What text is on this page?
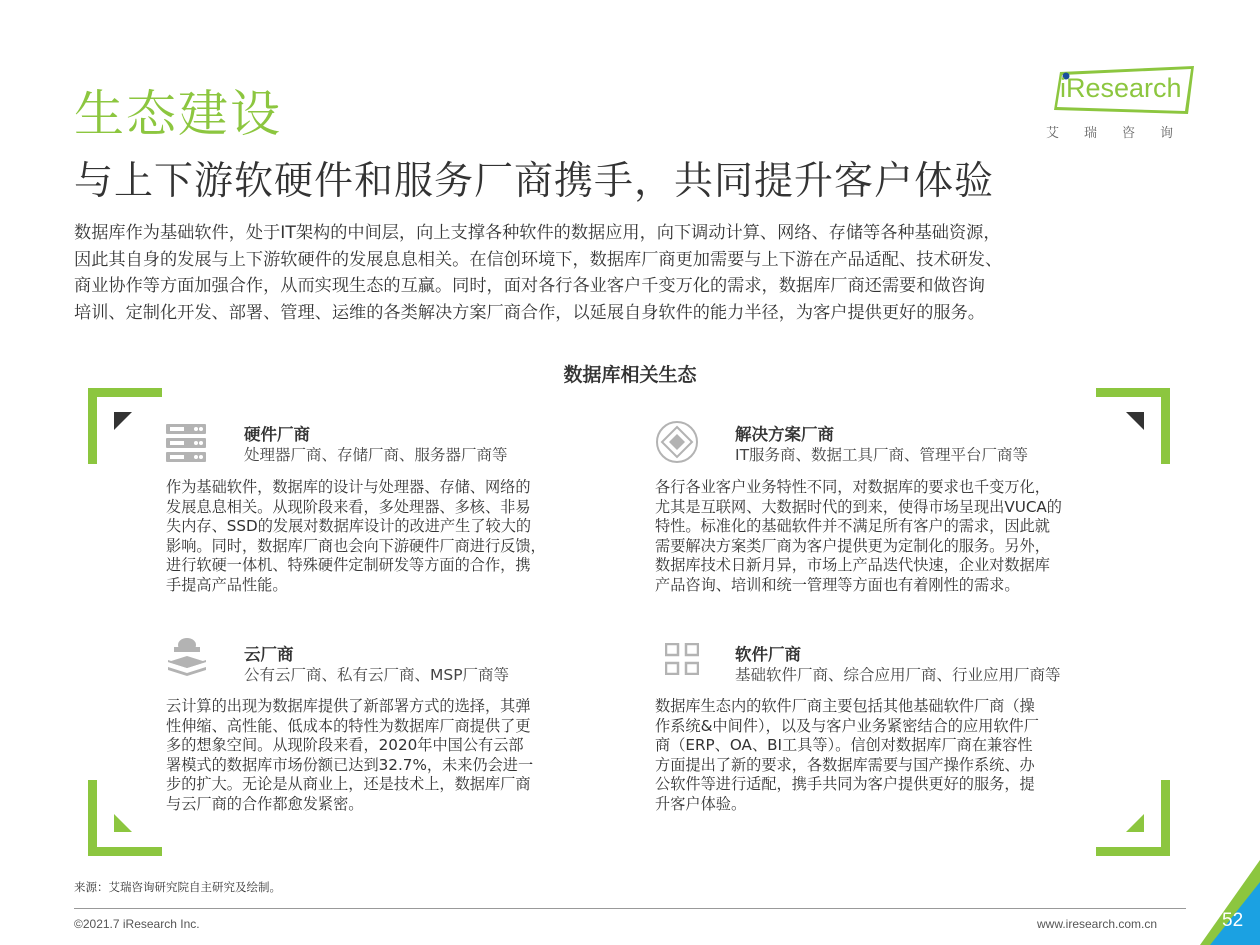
生态建设
与上下游软硬件和服务厂商携手，共同提升客户体验
iResearch
艾瑞咨询

数据库作为基础软件，处于IT架构的中间层，向上支撑各种软件的数据应用，向下调动计算、网络、存储等各种基础资源，

因此其自身的发展与上下游软硬件的发展息息相关。在信创环境下，数据库厂商更加需要与上下游在产品适配、技术研发、

商业协作等方面加强合作，从而实现生态的互赢。同时，面对各行各业客户千变万化的需求，数据库厂商还需要和做咨询

培训、定制化开发、部署、管理、运维的各类解决方案厂商合作，以延展自身软件的能力半径，为客户提供更好的服务。

数据库相关生态
硬件厂商
处理器厂商、存储厂商、服务器厂商等

作为基础软件，数据库的设计与处理器、存储、网络的

发展息息相关。从现阶段来看，多处理器、多核、非易

失内存、SSD的发展对数据库设计的改进产生了较大的

影响。同时，数据库厂商也会向下游硬件厂商进行反馈，

进行软硬一体机、特殊硬件定制研发等方面的合作，携

手提高产品性能。

解决方案厂商
IT服务商、数据工具厂商、管理平台厂商等

各行各业客户业务特性不同，对数据库的要求也千变万化，

尤其是互联网、大数据时代的到来，使得市场呈现出VUCA的

特性。标准化的基础软件并不满足所有客户的需求，因此就

需要解决方案类厂商为客户提供更为定制化的服务。另外，

数据库技术日新月异，市场上产品迭代快速，企业对数据库

产品咨询、培训和统一管理等方面也有着刚性的需求。

云厂商
公有云厂商、私有云厂商、MSP厂商等

云计算的出现为数据库提供了新部署方式的选择，其弹

性伸缩、高性能、低成本的特性为数据库厂商提供了更

多的想象空间。从现阶段来看，2020年中国公有云部

署模式的数据库市场份额已达到32.7%，未来仍会进一

步的扩大。无论是从商业上，还是技术上，数据库厂商

与云厂商的合作都愈发紧密。

软件厂商
基础软件厂商、综合应用厂商、行业应用厂商等

数据库生态内的软件厂商主要包括其他基础软件厂商（操

作系统&中间件），以及与客户业务紧密结合的应用软件厂

商（ERP、OA、BI工具等）。信创对数据库厂商在兼容性

方面提出了新的要求，各数据库需要与国产操作系统、办

公软件等进行适配，携手共同为客户提供更好的服务，提

升客户体验。

来源：艾瑞咨询研究院自主研究及绘制。
©2021.7 iResearch Inc.	www.iresearch.com.cn	52
